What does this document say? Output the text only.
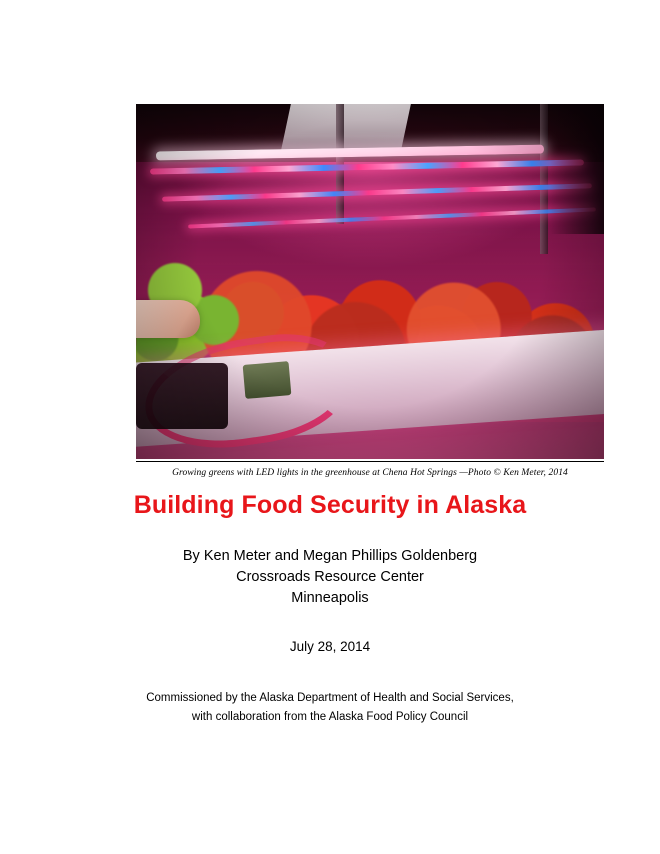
Growing greens with LED lights in the greenhouse at Chena Hot Springs —Photo © Ken Meter, 2014
Building Food Security in Alaska

By Ken Meter and Megan Phillips Goldenberg

Crossroads Resource Center

Minneapolis

July 28, 2014

Commissioned by the Alaska Department of Health and Social Services,

with collaboration from the Alaska Food Policy Council
